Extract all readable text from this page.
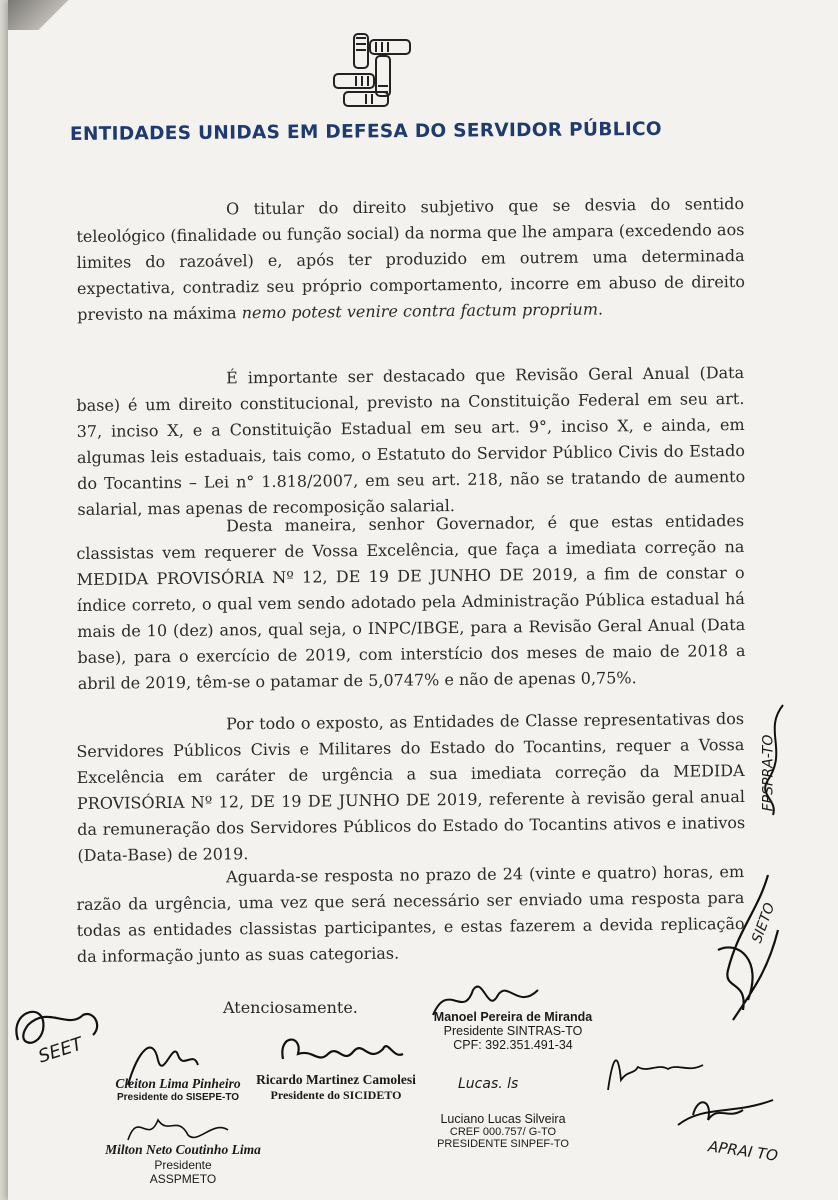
ENTIDADES UNIDAS EM DEFESA DO SERVIDOR PÚBLICO
O titular do direito subjetivo que se desvia do sentido teleológico (finalidade ou função social) da norma que lhe ampara (excedendo aos limites do razoável) e, após ter produzido em outrem uma determinada expectativa, contradiz seu próprio comportamento, incorre em abuso de direito previsto na máxima nemo potest venire contra factum proprium.
É importante ser destacado que Revisão Geral Anual (Data base) é um direito constitucional, previsto na Constituição Federal em seu art. 37, inciso X, e a Constituição Estadual em seu art. 9°, inciso X, e ainda, em algumas leis estaduais, tais como, o Estatuto do Servidor Público Civis do Estado do Tocantins – Lei n° 1.818/2007, em seu art. 218, não se tratando de aumento salarial, mas apenas de recomposição salarial.
Desta maneira, senhor Governador, é que estas entidades classistas vem requerer de Vossa Excelência, que faça a imediata correção na MEDIDA PROVISÓRIA Nº 12, DE 19 DE JUNHO DE 2019, a fim de constar o índice correto, o qual vem sendo adotado pela Administração Pública estadual há mais de 10 (dez) anos, qual seja, o INPC/IBGE, para a Revisão Geral Anual (Data base), para o exercício de 2019, com interstício dos meses de maio de 2018 a abril de 2019, têm-se o patamar de 5,0747% e não de apenas 0,75%.
Por todo o exposto, as Entidades de Classe representativas dos Servidores Públicos Civis e Militares do Estado do Tocantins, requer a Vossa Excelência em caráter de urgência a sua imediata correção da MEDIDA PROVISÓRIA Nº 12, DE 19 DE JUNHO DE 2019, referente à revisão geral anual da remuneração dos Servidores Públicos do Estado do Tocantins ativos e inativos (Data-Base) de 2019.
Aguarda-se resposta no prazo de 24 (vinte e quatro) horas, em razão da urgência, uma vez que será necessário ser enviado uma resposta para todas as entidades classistas participantes, e estas fazerem a devida replicação da informação junto as suas categorias.
Atenciosamente.
SEET
Cleiton Lima Pinheiro
Presidente do SISEPE-TO
Ricardo Martinez Camolesi
Presidente do SICIDETO
Manoel Pereira de Miranda
Presidente SINTRAS-TO
CPF: 392.351.491-34
Milton Neto Coutinho Lima
Presidente
ASSPMETO
Lucas. ls
Luciano Lucas Silveira
CREF 000.757/ G-TO
PRESIDENTE SINPEF-TO	APRAI TO
SIETO
FPSPRA-TO
